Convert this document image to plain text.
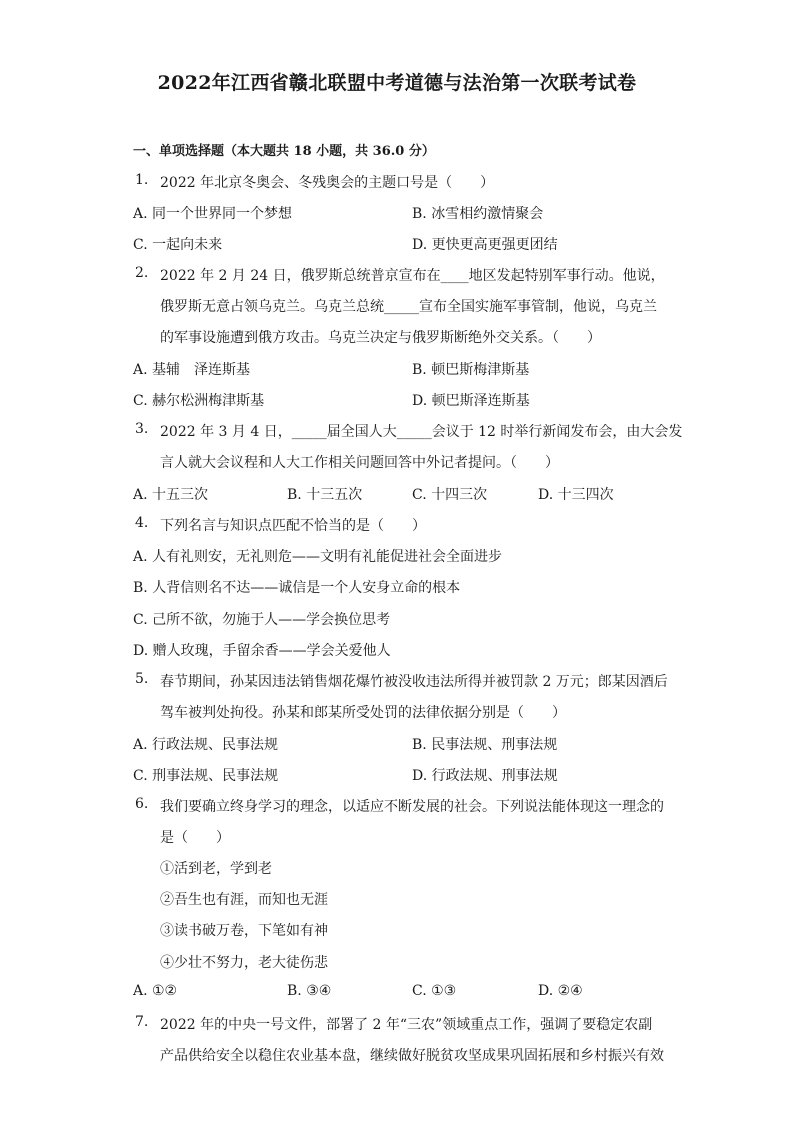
2022年江西省赣北联盟中考道德与法治第一次联考试卷
一、单项选择题（本大题共 18 小题，共 36.0 分）
1. 2022 年北京冬奥会、冬残奥会的主题口号是（　　）
A. 同一个世界同一个梦想	B. 冰雪相约激情聚会
C. 一起向未来	D. 更快更高更强更团结
2. 2022 年 2 月 24 日，俄罗斯总统普京宣布在____地区发起特别军事行动。他说，
俄罗斯无意占领乌克兰。乌克兰总统_____宣布全国实施军事管制，他说，乌克兰
的军事设施遭到俄方攻击。乌克兰决定与俄罗斯断绝外交关系。（　　）
A. 基辅　泽连斯基	B. 顿巴斯梅津斯基
C. 赫尔松洲梅津斯基	D. 顿巴斯泽连斯基
3. 2022 年 3 月 4 日，_____届全国人大_____会议于 12 时举行新闻发布会，由大会发
言人就大会议程和人大工作相关问题回答中外记者提问。（　　）
A. 十五三次	B. 十三五次	C. 十四三次	D. 十三四次
4. 下列名言与知识点匹配不恰当的是（　　）
A. 人有礼则安，无礼则危——文明有礼能促进社会全面进步
B. 人背信则名不达——诚信是一个人安身立命的根本
C. 己所不欲，勿施于人——学会换位思考
D. 赠人玫瑰，手留余香——学会关爱他人
5. 春节期间，孙某因违法销售烟花爆竹被没收违法所得并被罚款 2 万元；郎某因酒后
驾车被判处拘役。孙某和郎某所受处罚的法律依据分别是（　　）
A. 行政法规、民事法规	B. 民事法规、刑事法规
C. 刑事法规、民事法规	D. 行政法规、刑事法规
6. 我们要确立终身学习的理念，以适应不断发展的社会。下列说法能体现这一理念的
是（　　）
①活到老，学到老
②吾生也有涯，而知也无涯
③读书破万卷，下笔如有神
④少壮不努力，老大徒伤悲
A. ①②	B. ③④	C. ①③	D. ②④
7. 2022 年的中央一号文件，部署了 2 年“三农”领域重点工作，强调了要稳定农副
产品供给安全以稳住农业基本盘，继续做好脱贫攻坚成果巩固拓展和乡村振兴有效
